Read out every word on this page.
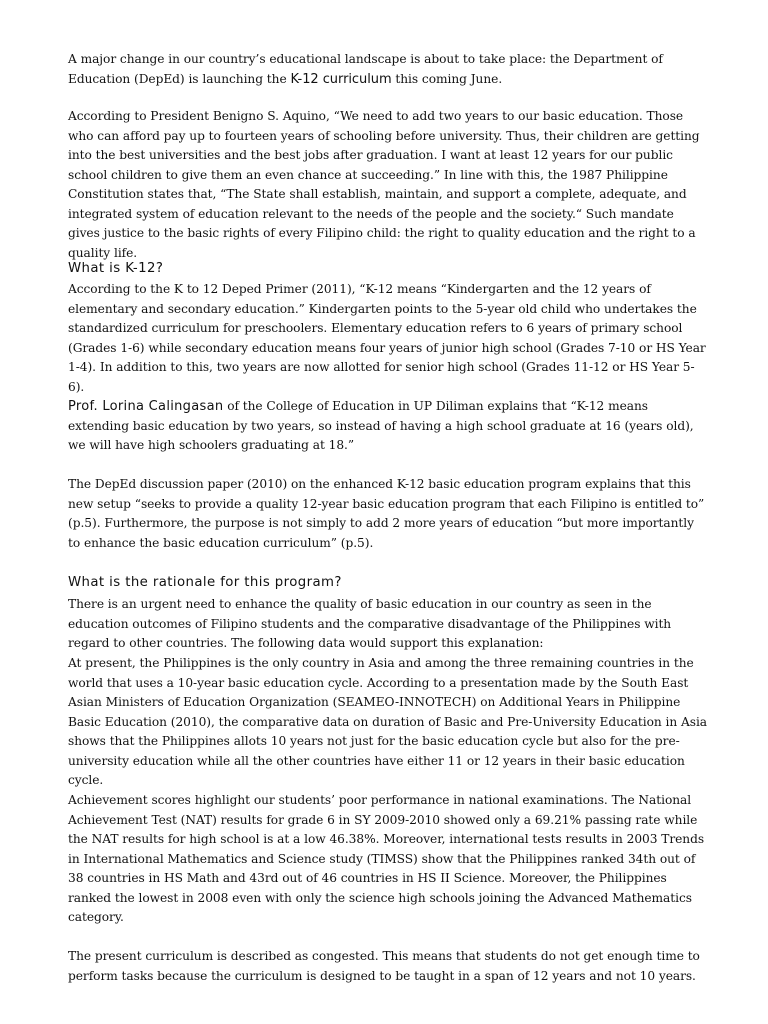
A major change in our country’s educational landscape is about to take place: the Department of Education (DepEd) is launching the K-12 curriculum this coming June.

According to President Benigno S. Aquino, “We need to add two years to our basic education. Those who can afford pay up to fourteen years of schooling before university. Thus, their children are getting into the best universities and the best jobs after graduation. I want at least 12 years for our public school children to give them an even chance at succeeding.” In line with this, the 1987 Philippine Constitution states that, “The State shall establish, maintain, and support a complete, adequate, and integrated system of education relevant to the needs of the people and the society.“ Such mandate gives justice to the basic rights of every Filipino child: the right to quality education and the right to a quality life.

What is K-12?

According to the K to 12 Deped Primer (2011), “K-12 means “Kindergarten and the 12 years of elementary and secondary education.” Kindergarten points to the 5-year old child who undertakes the standardized curriculum for preschoolers. Elementary education refers to 6 years of primary school (Grades 1-6) while secondary education means four years of junior high school (Grades 7-10 or HS Year 1-4). In addition to this, two years are now allotted for senior high school (Grades 11-12 or HS Year 5-6).

Prof. Lorina Calingasan of the College of Education in UP Diliman explains that “K-12 means extending basic education by two years, so instead of having a high school graduate at 16 (years old), we will have high schoolers graduating at 18.”

The DepEd discussion paper (2010) on the enhanced K-12 basic education program explains that this new setup “seeks to provide a quality 12-year basic education program that each Filipino is entitled to” (p.5). Furthermore, the purpose is not simply to add 2 more years of education “but more importantly to enhance the basic education curriculum” (p.5).

What is the rationale for this program?

There is an urgent need to enhance the quality of basic education in our country as seen in the education outcomes of Filipino students and the comparative disadvantage of the Philippines with regard to other countries. The following data would support this explanation:

At present, the Philippines is the only country in Asia and among the three remaining countries in the world that uses a 10-year basic education cycle. According to a presentation made by the South East Asian Ministers of Education Organization (SEAMEO-INNOTECH) on Additional Years in Philippine Basic Education (2010), the comparative data on duration of Basic and Pre-University Education in Asia shows that the Philippines allots 10 years not just for the basic education cycle but also for the pre-university education while all the other countries have either 11 or 12 years in their basic education cycle.

Achievement scores highlight our students’ poor performance in national examinations. The National Achievement Test (NAT) results for grade 6 in SY 2009-2010 showed only a 69.21% passing rate while the NAT results for high school is at a low 46.38%. Moreover, international tests results in 2003 Trends in International Mathematics and Science study (TIMSS) show that the Philippines ranked 34th out of 38 countries in HS Math and 43rd out of 46 countries in HS II Science. Moreover, the Philippines ranked the lowest in 2008 even with only the science high schools joining the Advanced Mathematics category.

The present curriculum is described as congested. This means that students do not get enough time to perform tasks because the curriculum is designed to be taught in a span of 12 years and not 10 years.
